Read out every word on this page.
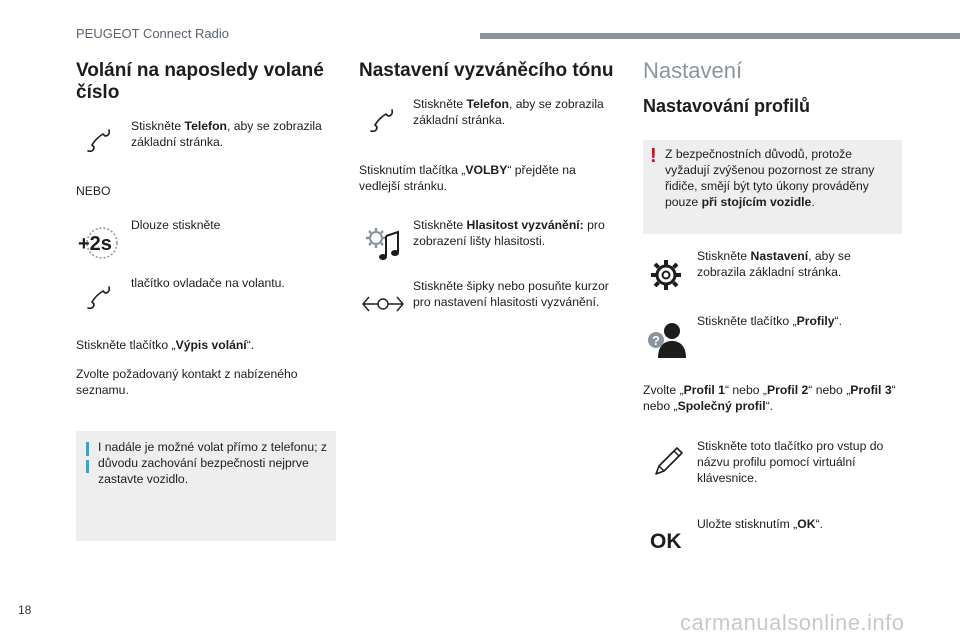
PEUGEOT Connect Radio
Volání na naposledy volané číslo
Stiskněte Telefon, aby se zobrazila základní stránka.
NEBO
+2s
Dlouze stiskněte
tlačítko ovladače na volantu.
Stiskněte tlačítko „Výpis volání“.
Zvolte požadovaný kontakt z nabízeného seznamu.
I nadále je možné volat přímo z telefonu; z důvodu zachování bezpečnosti nejprve zastavte vozidlo.
Nastavení vyzváněcího tónu
Stiskněte Telefon, aby se zobrazila základní stránka.
Stisknutím tlačítka „VOLBY“ přejděte na vedlejší stránku.
Stiskněte Hlasitost vyzvánění: pro zobrazení lišty hlasitosti.
Stiskněte šipky nebo posuňte kurzor pro nastavení hlasitosti vyzvánění.
Nastavení
Nastavování profilů
! Z bezpečnostních důvodů, protože vyžadují zvýšenou pozornost ze strany řidiče, smějí být tyto úkony prováděny pouze při stojícím vozidle.
Stiskněte Nastavení, aby se zobrazila základní stránka.
?
Stiskněte tlačítko „Profily“.
Zvolte „Profil 1“ nebo „Profil 2“ nebo „Profil 3“ nebo „Společný profil“.
Stiskněte toto tlačítko pro vstup do názvu profilu pomocí virtuální klávesnice.
OK
Uložte stisknutím „OK“.
18	carmanualsonline.info
